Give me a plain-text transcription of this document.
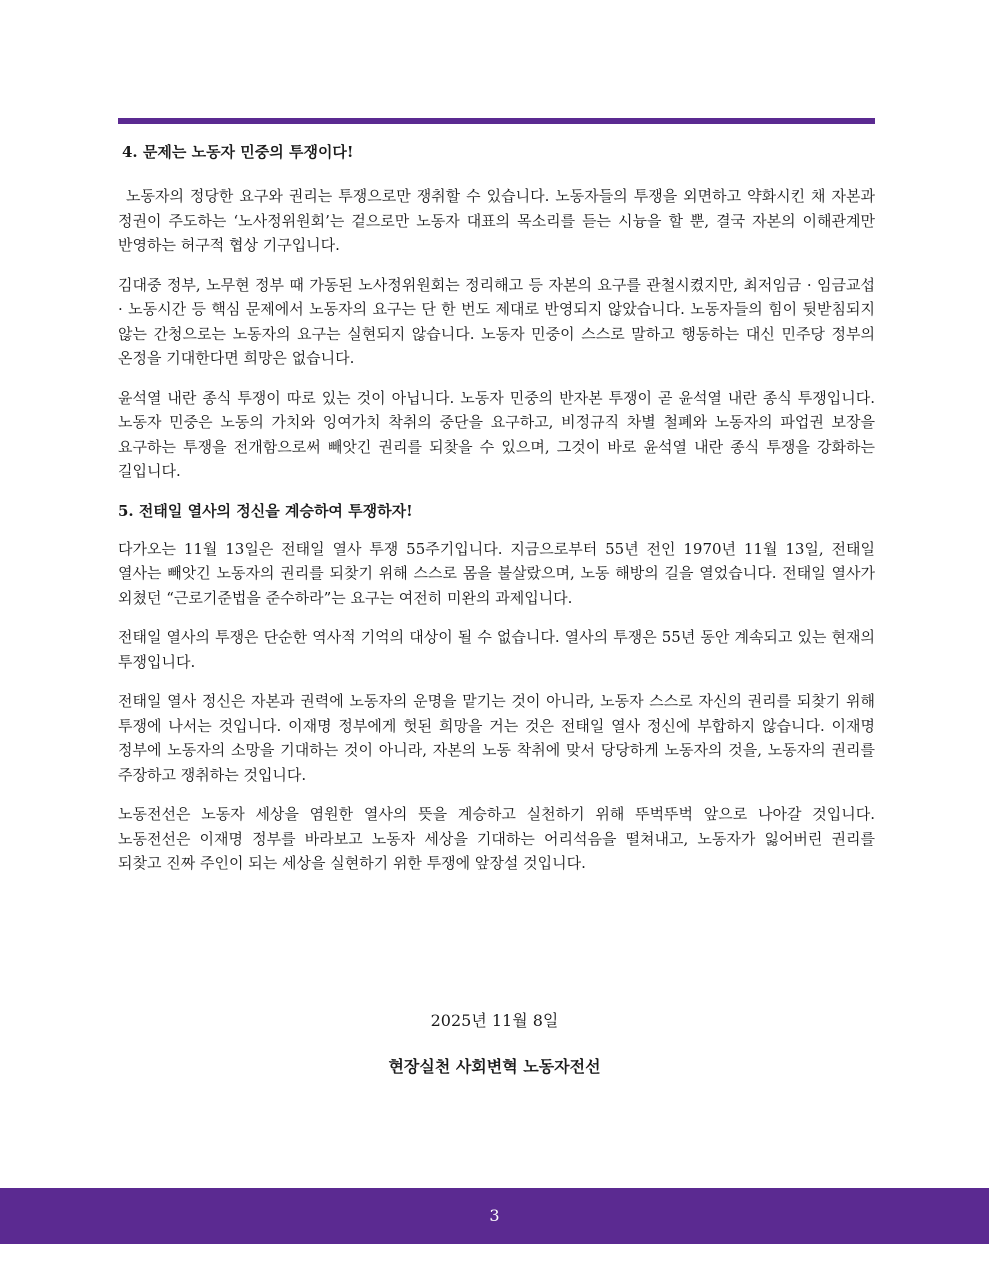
4. 문제는 노동자 민중의 투쟁이다!

노동자의 정당한 요구와 권리는 투쟁으로만 쟁취할 수 있습니다. 노동자들의 투쟁을 외면하고 약화시킨 채 자본과 정권이 주도하는 ‘노사정위원회’는 겉으로만 노동자 대표의 목소리를 듣는 시늉을 할 뿐, 결국 자본의 이해관계만 반영하는 허구적 협상 기구입니다.

김대중 정부, 노무현 정부 때 가동된 노사정위원회는 정리해고 등 자본의 요구를 관철시켰지만, 최저임금 · 임금교섭 · 노동시간 등 핵심 문제에서 노동자의 요구는 단 한 번도 제대로 반영되지 않았습니다. 노동자들의 힘이 뒷받침되지 않는 간청으로는 노동자의 요구는 실현되지 않습니다. 노동자 민중이 스스로 말하고 행동하는 대신 민주당 정부의 온정을 기대한다면 희망은 없습니다.

윤석열 내란 종식 투쟁이 따로 있는 것이 아닙니다. 노동자 민중의 반자본 투쟁이 곧 윤석열 내란 종식 투쟁입니다. 노동자 민중은 노동의 가치와 잉여가치 착취의 중단을 요구하고, 비정규직 차별 철폐와 노동자의 파업권 보장을 요구하는 투쟁을 전개함으로써 빼앗긴 권리를 되찾을 수 있으며, 그것이 바로 윤석열 내란 종식 투쟁을 강화하는 길입니다.

5. 전태일 열사의 정신을 계승하여 투쟁하자!

다가오는 11월 13일은 전태일 열사 투쟁 55주기입니다. 지금으로부터 55년 전인 1970년 11월 13일, 전태일 열사는 빼앗긴 노동자의 권리를 되찾기 위해 스스로 몸을 불살랐으며, 노동 해방의 길을 열었습니다. 전태일 열사가 외쳤던 “근로기준법을 준수하라”는 요구는 여전히 미완의 과제입니다.

전태일 열사의 투쟁은 단순한 역사적 기억의 대상이 될 수 없습니다. 열사의 투쟁은 55년 동안 계속되고 있는 현재의 투쟁입니다.

전태일 열사 정신은 자본과 권력에 노동자의 운명을 맡기는 것이 아니라, 노동자 스스로 자신의 권리를 되찾기 위해 투쟁에 나서는 것입니다. 이재명 정부에게 헛된 희망을 거는 것은 전태일 열사 정신에 부합하지 않습니다. 이재명 정부에 노동자의 소망을 기대하는 것이 아니라, 자본의 노동 착취에 맞서 당당하게 노동자의 것을, 노동자의 권리를 주장하고 쟁취하는 것입니다.

노동전선은 노동자 세상을 염원한 열사의 뜻을 계승하고 실천하기 위해 뚜벅뚜벅 앞으로 나아갈 것입니다. 노동전선은 이재명 정부를 바라보고 노동자 세상을 기대하는 어리석음을 떨쳐내고, 노동자가 잃어버린 권리를 되찾고 진짜 주인이 되는 세상을 실현하기 위한 투쟁에 앞장설 것입니다.

2025년 11월 8일
현장실천 사회변혁 노동자전선
3
